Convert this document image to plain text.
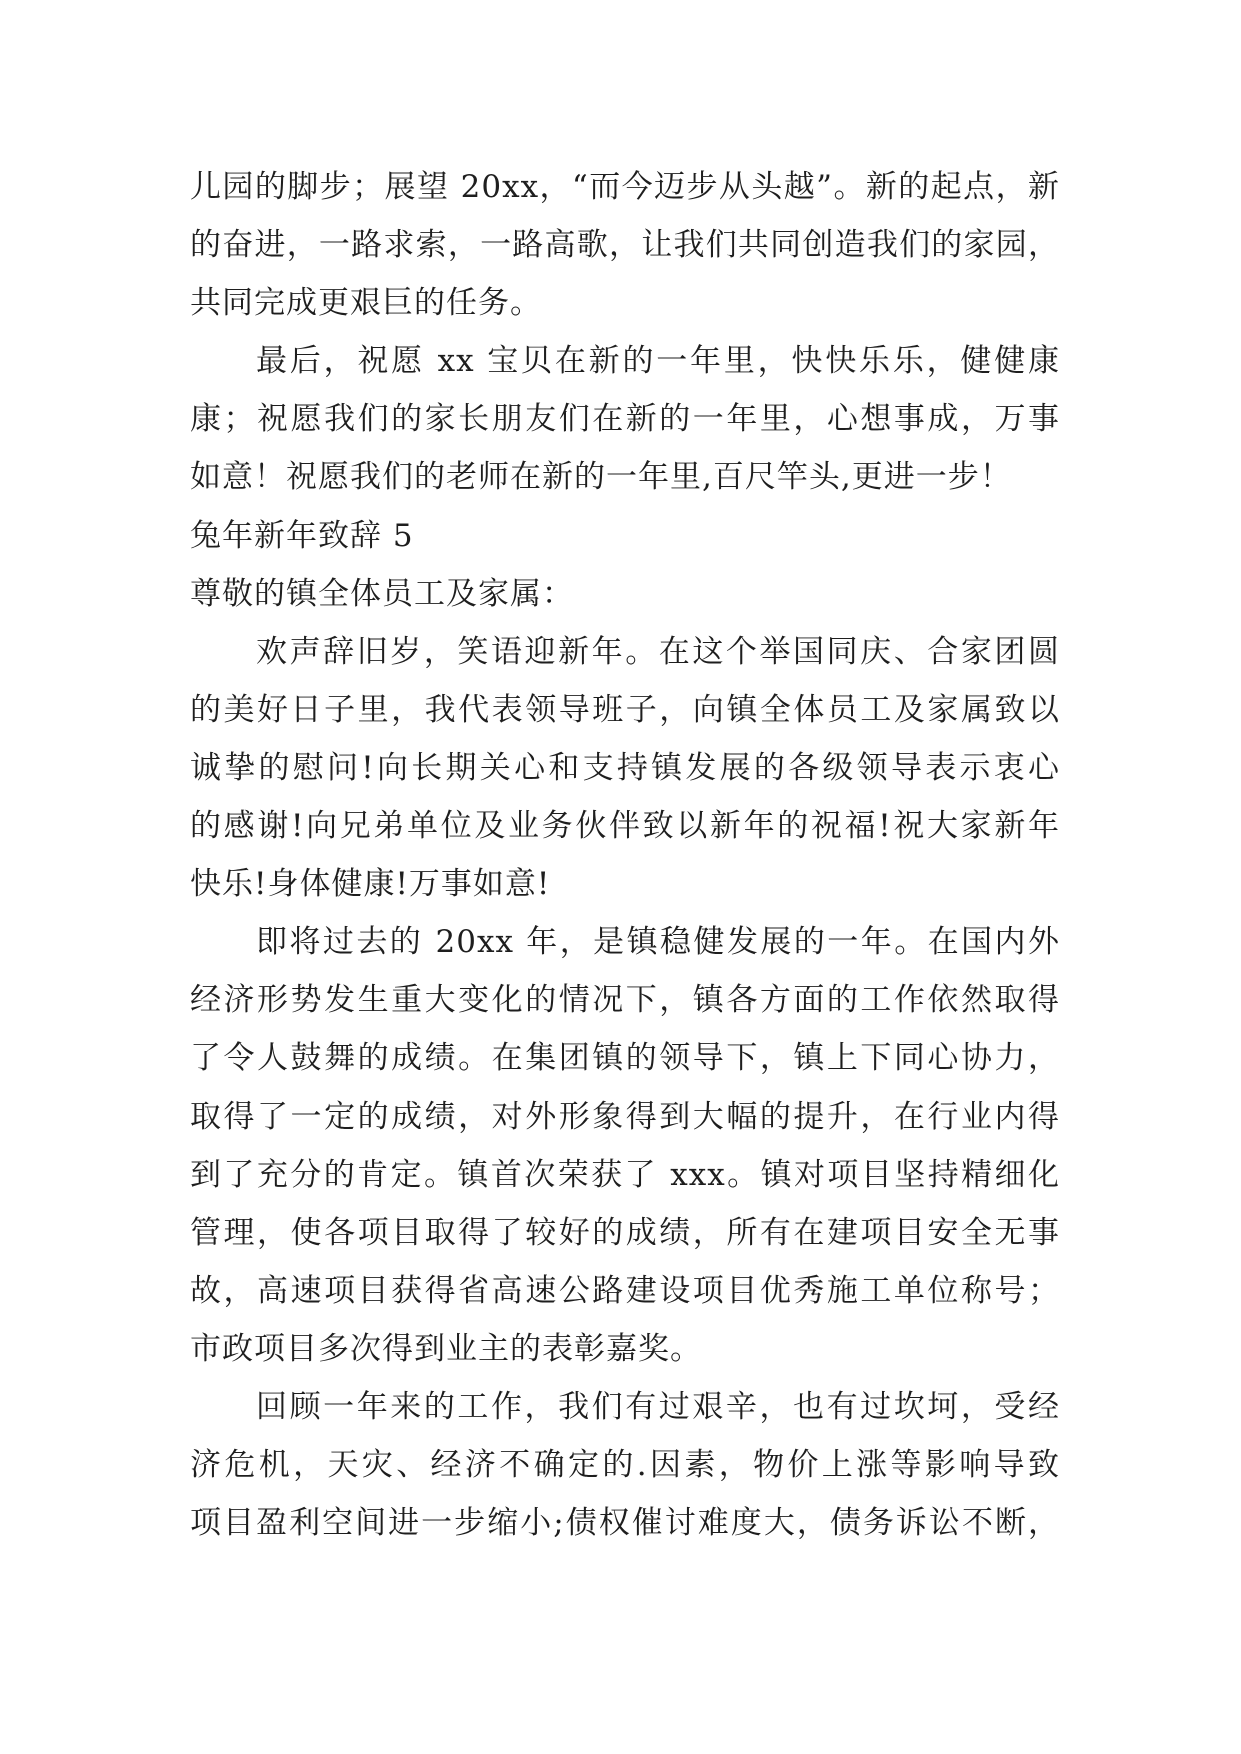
儿园的脚步；展望 20xx，“而今迈步从头越”。新的起点，新
的奋进，一路求索，一路高歌，让我们共同创造我们的家园，
共同完成更艰巨的任务。
最后，祝愿 xx 宝贝在新的一年里，快快乐乐，健健康
康；祝愿我们的家长朋友们在新的一年里，心想事成，万事
如意！祝愿我们的老师在新的一年里,百尺竿头,更进一步！
兔年新年致辞 5
尊敬的镇全体员工及家属：
欢声辞旧岁，笑语迎新年。在这个举国同庆、合家团圆
的美好日子里，我代表领导班子，向镇全体员工及家属致以
诚挚的慰问!向长期关心和支持镇发展的各级领导表示衷心
的感谢!向兄弟单位及业务伙伴致以新年的祝福!祝大家新年
快乐!身体健康!万事如意!
即将过去的 20xx 年，是镇稳健发展的一年。在国内外
经济形势发生重大变化的情况下，镇各方面的工作依然取得
了令人鼓舞的成绩。在集团镇的领导下，镇上下同心协力，
取得了一定的成绩，对外形象得到大幅的提升，在行业内得
到了充分的肯定。镇首次荣获了 xxx。镇对项目坚持精细化
管理，使各项目取得了较好的成绩，所有在建项目安全无事
故，高速项目获得省高速公路建设项目优秀施工单位称号；
市政项目多次得到业主的表彰嘉奖。
回顾一年来的工作，我们有过艰辛，也有过坎坷，受经
济危机，天灾、经济不确定的.因素，物价上涨等影响导致
项目盈利空间进一步缩小;债权催讨难度大，债务诉讼不断，
